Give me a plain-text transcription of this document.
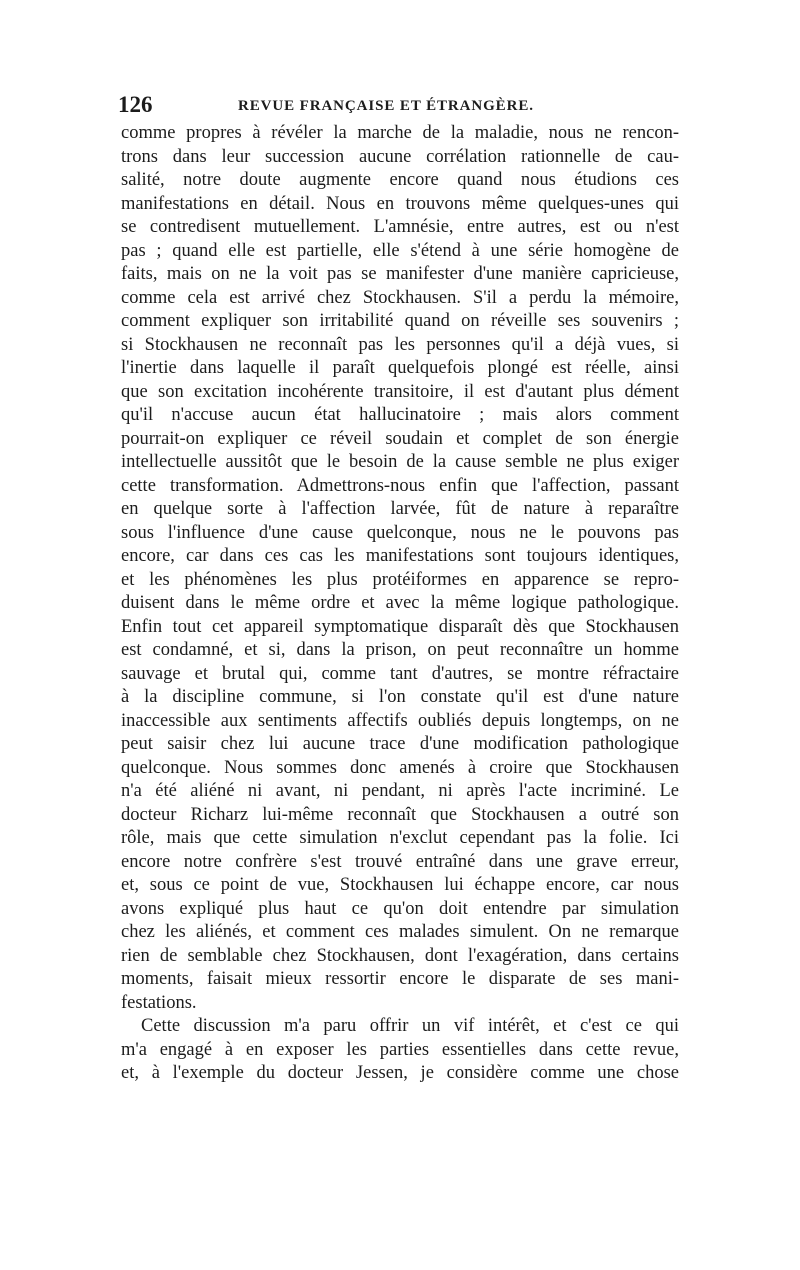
126	REVUE FRANÇAISE ET ÉTRANGÈRE.
comme propres à révéler la marche de la maladie, nous ne rencon-
trons dans leur succession aucune corrélation rationnelle de cau-
salité, notre doute augmente encore quand nous étudions ces
manifestations en détail. Nous en trouvons même quelques-unes qui
se contredisent mutuellement. L'amnésie, entre autres, est ou n'est
pas ; quand elle est partielle, elle s'étend à une série homogène de
faits, mais on ne la voit pas se manifester d'une manière capricieuse,
comme cela est arrivé chez Stockhausen. S'il a perdu la mémoire,
comment expliquer son irritabilité quand on réveille ses souvenirs ;
si Stockhausen ne reconnaît pas les personnes qu'il a déjà vues, si
l'inertie dans laquelle il paraît quelquefois plongé est réelle, ainsi
que son excitation incohérente transitoire, il est d'autant plus dément
qu'il n'accuse aucun état hallucinatoire ; mais alors comment
pourrait-on expliquer ce réveil soudain et complet de son énergie
intellectuelle aussitôt que le besoin de la cause semble ne plus exiger
cette transformation. Admettrons-nous enfin que l'affection, passant
en quelque sorte à l'affection larvée, fût de nature à reparaître
sous l'influence d'une cause quelconque, nous ne le pouvons pas
encore, car dans ces cas les manifestations sont toujours identiques,
et les phénomènes les plus protéiformes en apparence se repro-
duisent dans le même ordre et avec la même logique pathologique.
Enfin tout cet appareil symptomatique disparaît dès que Stockhausen
est condamné, et si, dans la prison, on peut reconnaître un homme
sauvage et brutal qui, comme tant d'autres, se montre réfractaire
à la discipline commune, si l'on constate qu'il est d'une nature
inaccessible aux sentiments affectifs oubliés depuis longtemps, on ne
peut saisir chez lui aucune trace d'une modification pathologique
quelconque. Nous sommes donc amenés à croire que Stockhausen
n'a été aliéné ni avant, ni pendant, ni après l'acte incriminé. Le
docteur Richarz lui-même reconnaît que Stockhausen a outré son
rôle, mais que cette simulation n'exclut cependant pas la folie. Ici
encore notre confrère s'est trouvé entraîné dans une grave erreur,
et, sous ce point de vue, Stockhausen lui échappe encore, car nous
avons expliqué plus haut ce qu'on doit entendre par simulation
chez les aliénés, et comment ces malades simulent. On ne remarque
rien de semblable chez Stockhausen, dont l'exagération, dans certains
moments, faisait mieux ressortir encore le disparate de ses mani-
festations.
Cette discussion m'a paru offrir un vif intérêt, et c'est ce qui
m'a engagé à en exposer les parties essentielles dans cette revue,
et, à l'exemple du docteur Jessen, je considère comme une chose
